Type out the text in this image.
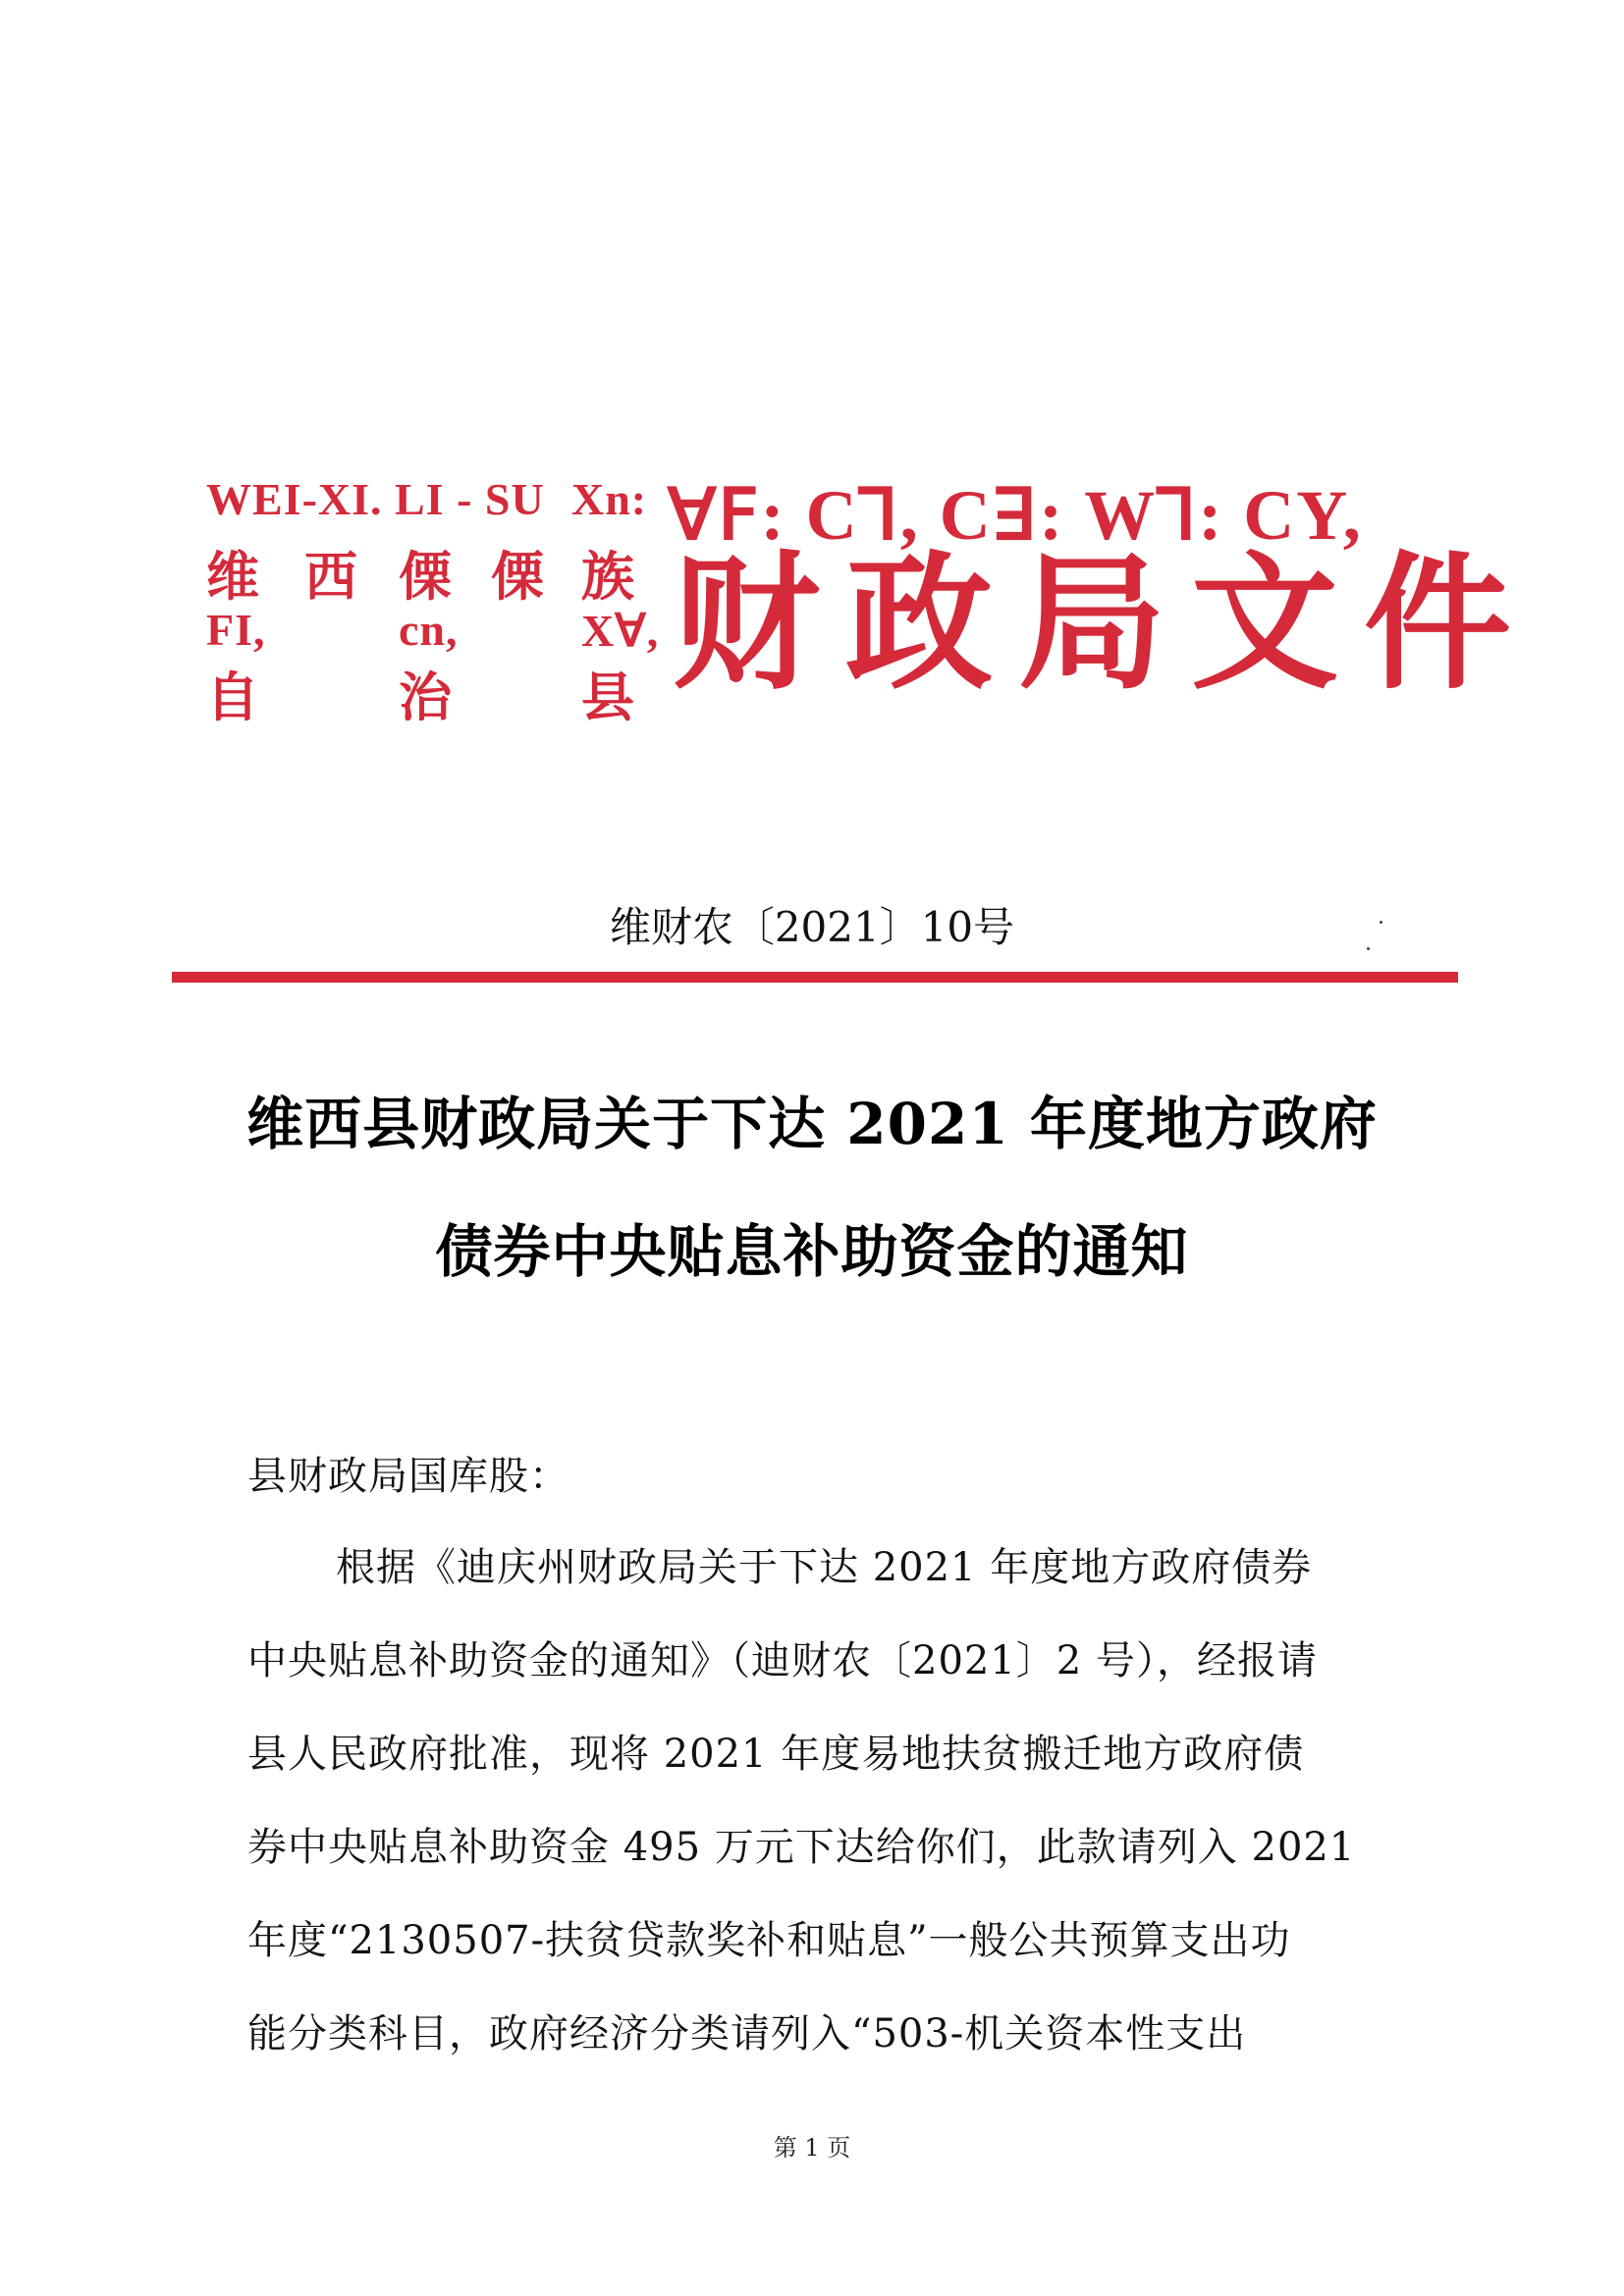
WEI-XI. LI - SU Xn:
维 西 傈 傈 族
FI,	cn,	Xꓯ,
自	治 县
ꓯꓝ: Cꓶ, Cꓱ: Wꓶ: CY,
财 政 局 文 件
维财农〔2021〕10号
维西县财政局关于下达 2021 年度地方政府
债券中央贴息补助资金的通知
县财政局国库股：
根据《迪庆州财政局关于下达 2021 年度地方政府债券
中央贴息补助资金的通知》（迪财农〔2021〕2 号），经报请
县人民政府批准，现将 2021 年度易地扶贫搬迁地方政府债
券中央贴息补助资金 495 万元下达给你们，此款请列入 2021
年度“2130507-扶贫贷款奖补和贴息”一般公共预算支出功
能分类科目，政府经济分类请列入“503-机关资本性支出
第 1 页
